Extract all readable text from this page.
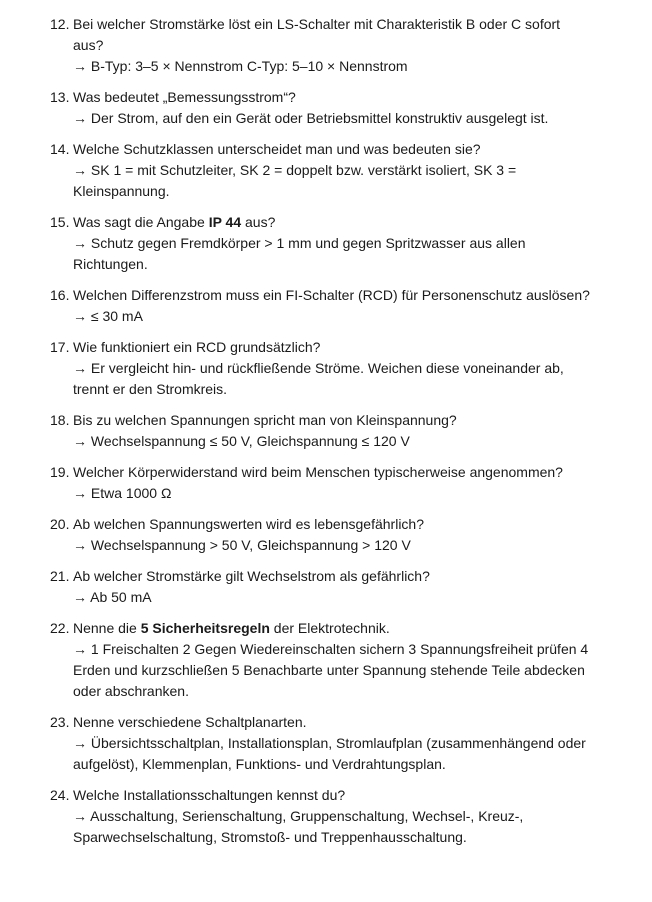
12. Bei welcher Stromstärke löst ein LS-Schalter mit Charakteristik B oder C sofort aus?
→ B-Typ: 3–5 × Nennstrom C-Typ: 5–10 × Nennstrom
13. Was bedeutet „Bemessungsstrom“?
→ Der Strom, auf den ein Gerät oder Betriebsmittel konstruktiv ausgelegt ist.
14. Welche Schutzklassen unterscheidet man und was bedeuten sie?
→ SK 1 = mit Schutzleiter, SK 2 = doppelt bzw. verstärkt isoliert, SK 3 = Kleinspannung.
15. Was sagt die Angabe IP 44 aus?
→ Schutz gegen Fremdkörper > 1 mm und gegen Spritzwasser aus allen Richtungen.
16. Welchen Differenzstrom muss ein FI-Schalter (RCD) für Personenschutz auslösen?
→ ≤ 30 mA
17. Wie funktioniert ein RCD grundsätzlich?
→ Er vergleicht hin- und rückfließende Ströme. Weichen diese voneinander ab, trennt er den Stromkreis.
18. Bis zu welchen Spannungen spricht man von Kleinspannung?
→ Wechselspannung ≤ 50 V, Gleichspannung ≤ 120 V
19. Welcher Körperwiderstand wird beim Menschen typischerweise angenommen?
→ Etwa 1000 Ω
20. Ab welchen Spannungswerten wird es lebensgefährlich?
→ Wechselspannung > 50 V, Gleichspannung > 120 V
21. Ab welcher Stromstärke gilt Wechselstrom als gefährlich?
→ Ab 50 mA
22. Nenne die 5 Sicherheitsregeln der Elektrotechnik.
→ 1 Freischalten 2 Gegen Wiedereinschalten sichern 3 Spannungsfreiheit prüfen 4 Erden und kurzschließen 5 Benachbarte unter Spannung stehende Teile abdecken oder abschranken.
23. Nenne verschiedene Schaltplanarten.
→ Übersichtsschaltplan, Installationsplan, Stromlaufplan (zusammenhängend oder aufgelöst), Klemmenplan, Funktions- und Verdrahtungsplan.
24. Welche Installationsschaltungen kennst du?
→ Ausschaltung, Serienschaltung, Gruppenschaltung, Wechsel-, Kreuz-, Sparwechselschaltung, Stromstoß- und Treppenhausschaltung.
